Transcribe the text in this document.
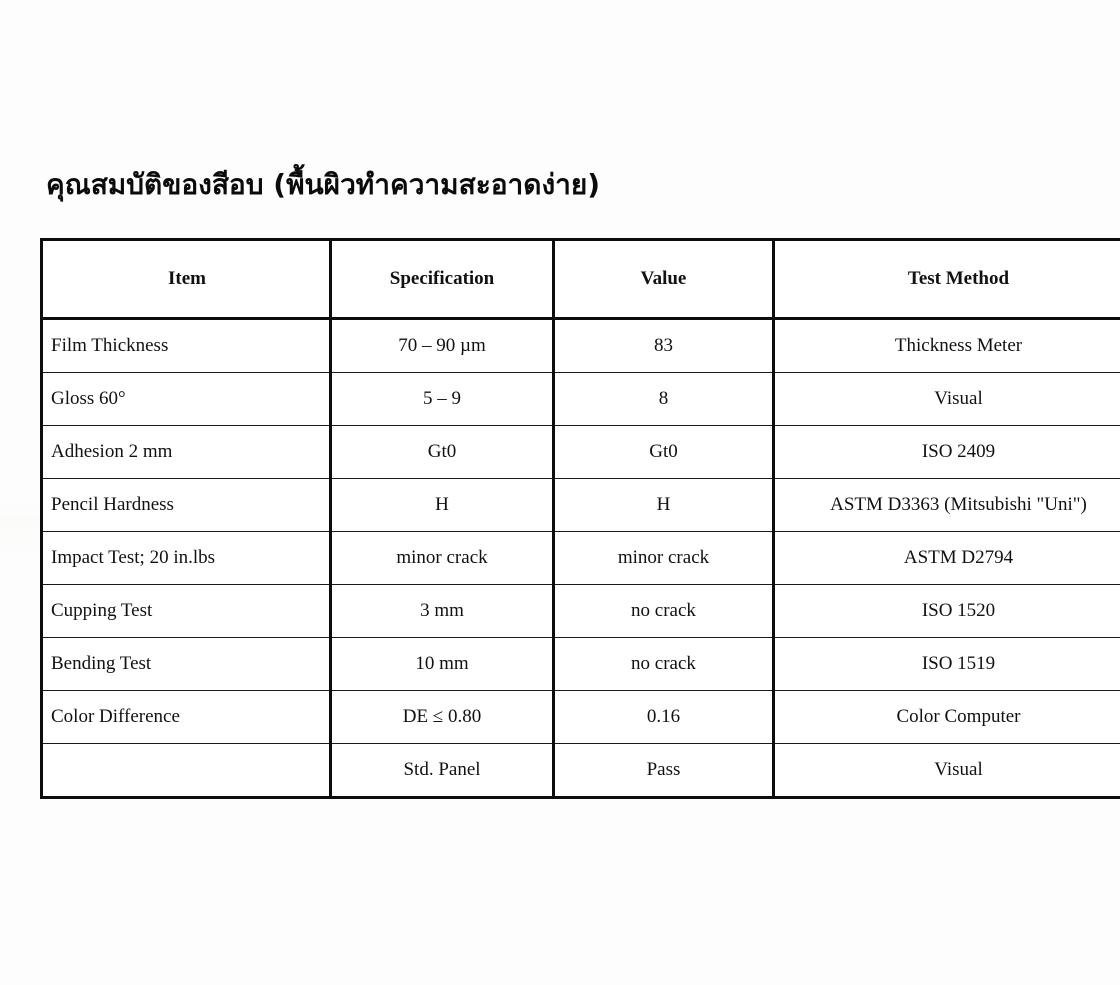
คุณสมบัติของสีอบ (พื้นผิวทำความสะอาดง่าย)
Item	Specification	Value	Test Method
Film Thickness	70 – 90 µm	83	Thickness Meter
Gloss 60°	5 – 9	8	Visual
Adhesion 2 mm	Gt0	Gt0	ISO 2409
Pencil Hardness	H	H	ASTM D3363 (Mitsubishi "Uni")
Impact Test; 20 in.lbs	minor crack	minor crack	ASTM D2794
Cupping Test	3 mm	no crack	ISO 1520
Bending Test	10 mm	no crack	ISO 1519
Color Difference	DE ≤ 0.80	0.16	Color Computer
	Std. Panel	Pass	Visual
